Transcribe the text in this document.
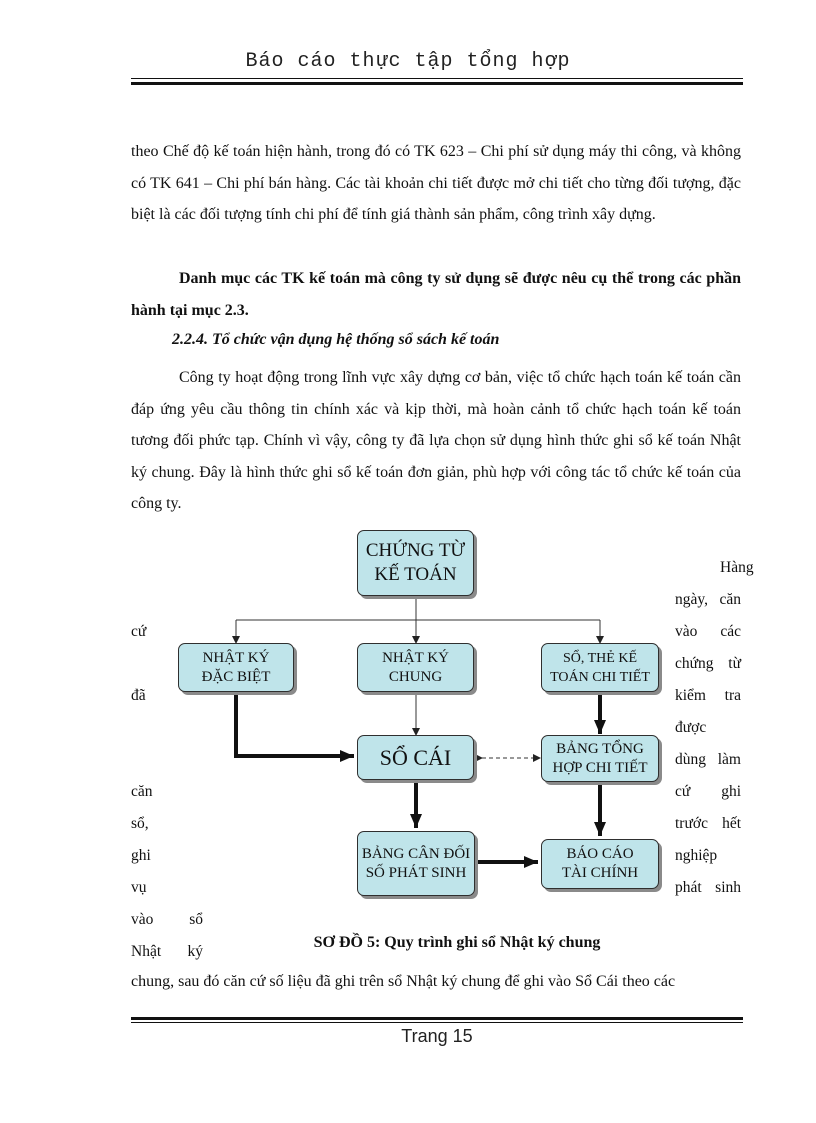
Báo cáo thực tập tổng hợp

theo Chế độ kế toán hiện hành, trong đó có TK 623 – Chi phí sử dụng máy thi công, và không có TK 641 – Chi phí bán hàng. Các tài khoản chi tiết được mở chi tiết cho từng đối tượng, đặc biệt là các đối tượng tính chi phí để tính giá thành sản phẩm, công trình xây dựng.

Danh mục các TK kế toán mà công ty sử dụng sẽ được nêu cụ thể trong các phần hành tại mục 2.3.

2.2.4. Tổ chức vận dụng hệ thống sổ sách kế toán

Công ty hoạt động trong lĩnh vực xây dựng cơ bản, việc tổ chức hạch toán kế toán cần đáp ứng yêu cầu thông tin chính xác và kịp thời, mà hoàn cảnh tổ chức hạch toán kế toán tương đối phức tạp. Chính vì vậy, công ty đã lựa chọn sử dụng hình thức ghi sổ kế toán Nhật ký chung. Đây là hình thức ghi sổ kế toán đơn giản, phù hợp với công tác tổ chức kế toán của công ty.

Hàng
ngày, căn
vào các
chứng từ
kiểm tra
được
dùng làm
cứ ghi
trước hết
nghiệp
phát sinh
cứ
đã
căn
sổ,
ghi
vụ
vào sổ
Nhật ký
CHỨNG TỪ
KẾ TOÁN
NHẬT KÝ
ĐẶC BIỆT
NHẬT KÝ
CHUNG
SỔ, THẺ KẾ
TOÁN CHI TIẾT
SỔ CÁI	BẢNG TỔNG
HỢP CHI TIẾT
BẢNG CÂN ĐỐI
SỐ PHÁT SINH
BÁO CÁO
TÀI CHÍNH
SƠ ĐỒ 5: Quy trình ghi sổ Nhật ký chung

chung, sau đó căn cứ số liệu đã ghi trên sổ Nhật ký chung để ghi vào Sổ Cái theo các

Trang 15
